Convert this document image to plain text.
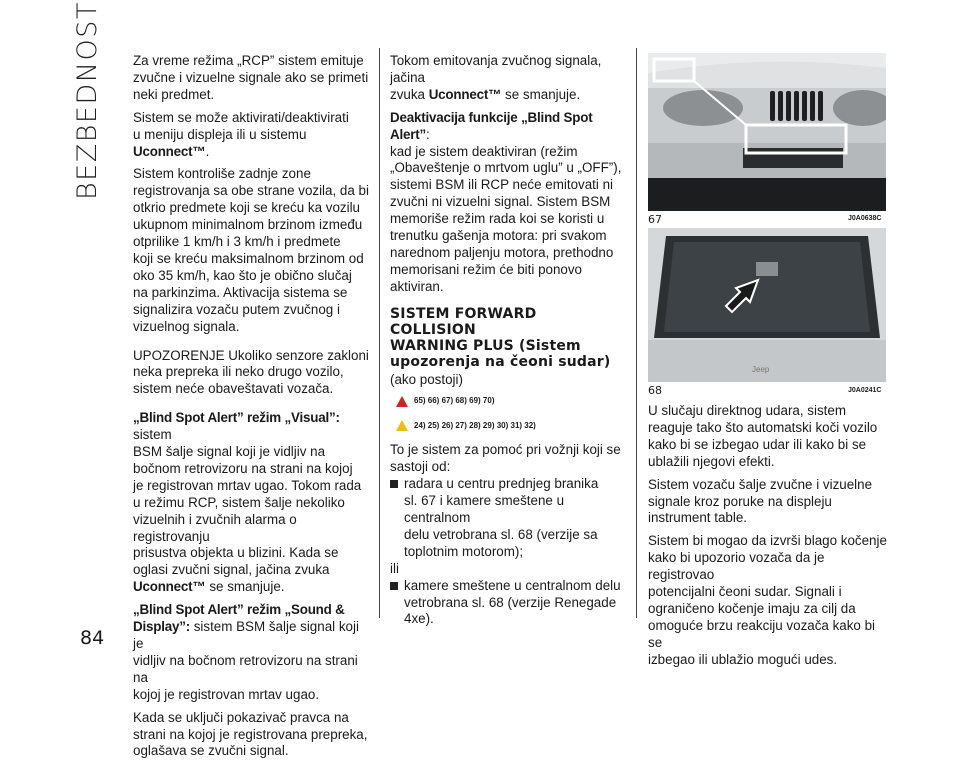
BEZBEDNOST	Za vreme režima „RCP” sistem emituje
zvučne i vizuelne signale ako se primeti
neki predmet.

Sistem se može aktivirati/deaktivirati
u meniju displeja ili u sistemu
Uconnect™.

Sistem kontroliše zadnje zone
registrovanja sa obe strane vozila, da bi
otkrio predmete koji se kreću ka vozilu
ukupnom minimalnom brzinom između
otprilike 1 km/h i 3 km/h i predmete
koji se kreću maksimalnom brzinom od
oko 35 km/h, kao što je obično slučaj
na parkinzima. Aktivacija sistema se
signalizira vozaču putem zvučnog i
vizuelnog signala.

UPOZORENJE Ukoliko senzore zakloni
neka prepreka ili neko drugo vozilo,
sistem neće obaveštavati vozača.

„Blind Spot Alert” režim „Visual”: sistem
BSM šalje signal koji je vidljiv na
bočnom retrovizoru na strani na kojoj
je registrovan mrtav ugao. Tokom rada
u režimu RCP, sistem šalje nekoliko
vizuelnih i zvučnih alarma o registrovanju
prisustva objekta u blizini. Kada se
oglasi zvučni signal, jačina zvuka
Uconnect™ se smanjuje.

„Blind Spot Alert” režim „Sound &
Display”: sistem BSM šalje signal koji je
vidljiv na bočnom retrovizoru na strani na
kojoj je registrovan mrtav ugao.

Kada se uključi pokazivač pravca na
strani na kojoj je registrovana prepreka,
oglašava se zvučni signal.

Tokom emitovanja zvučnog signala, jačina
zvuka Uconnect™ se smanjuje.

Deaktivacija funkcije „Blind Spot Alert”:
kad je sistem deaktiviran (režim
„Obaveštenje o mrtvom uglu” u „OFF”),
sistemi BSM ili RCP neće emitovati ni
zvučni ni vizuelni signal. Sistem BSM
memoriše režim rada koi se koristi u
trenutku gašenja motora: pri svakom
narednom paljenju motora, prethodno
memorisani režim će biti ponovo
aktiviran.

SISTEM FORWARD COLLISION
WARNING PLUS (Sistem
upozorenja na čeoni sudar)

(ako postoji)

65) 66) 67) 68) 69) 70)
24) 25) 26) 27) 28) 29) 30) 31) 32)

To je sistem za pomoć pri vožnji koji se
sastoji od:

radara u centru prednjeg branika
sl. 67 i kamere smeštene u centralnom
delu vetrobrana sl. 68 (verzije sa
toplotnim motorom);
ili
kamere smeštene u centralnom delu
vetrobrana sl. 68 (verzije Renegade 4xe).
67	J0A0638C
Jeep
68	J0A0241C

U slučaju direktnog udara, sistem
reaguje tako što automatski koči vozilo
kako bi se izbegao udar ili kako bi se
ublažili njegovi efekti.

Sistem vozaču šalje zvučne i vizuelne
signale kroz poruke na displeju
instrument table.

Sistem bi mogao da izvrši blago kočenje
kako bi upozorio vozača da je registrovao
potencijalni čeoni sudar. Signali i
ograničeno kočenje imaju za cilj da
omoguće brzu reakciju vozača kako bi se
izbegao ili ublažio mogući udes.

84
